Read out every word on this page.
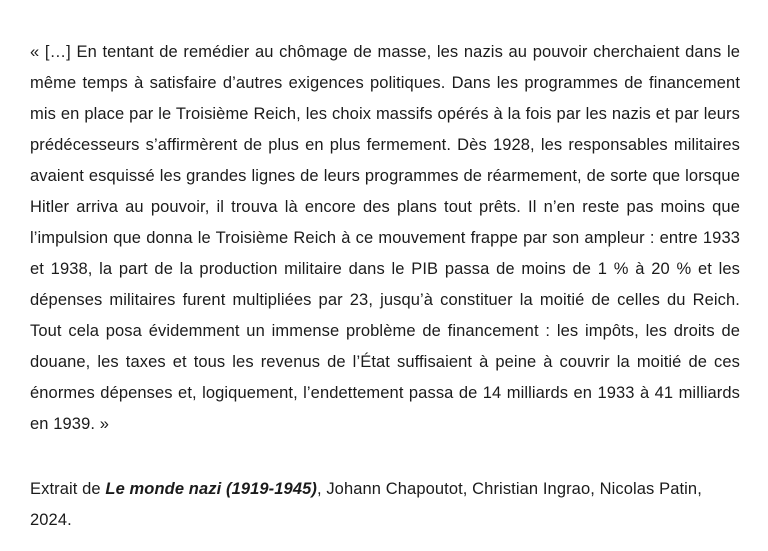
« […] En tentant de remédier au chômage de masse, les nazis au pouvoir cherchaient dans le même temps à satisfaire d’autres exigences politiques. Dans les programmes de financement mis en place par le Troisième Reich, les choix massifs opérés à la fois par les nazis et par leurs prédécesseurs s’affirmèrent de plus en plus fermement. Dès 1928, les responsables militaires avaient esquissé les grandes lignes de leurs programmes de réarmement, de sorte que lorsque Hitler arriva au pouvoir, il trouva là encore des plans tout prêts. Il n’en reste pas moins que l’impulsion que donna le Troisième Reich à ce mouvement frappe par son ampleur : entre 1933 et 1938, la part de la production militaire dans le PIB passa de moins de 1 % à 20 % et les dépenses militaires furent multipliées par 23, jusqu’à constituer la moitié de celles du Reich. Tout cela posa évidemment un immense problème de financement : les impôts, les droits de douane, les taxes et tous les revenus de l’État suffisaient à peine à couvrir la moitié de ces énormes dépenses et, logiquement, l’endettement passa de 14 milliards en 1933 à 41 milliards en 1939. »

Extrait de Le monde nazi (1919-1945), Johann Chapoutot, Christian Ingrao, Nicolas Patin, 2024.
